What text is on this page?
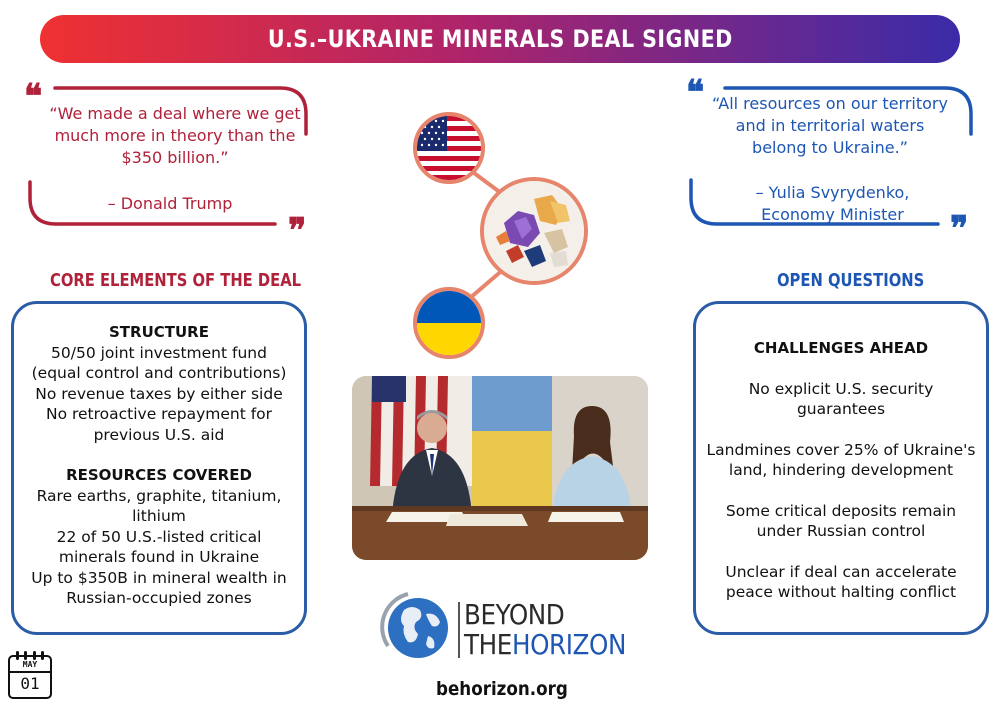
U.S.–UKRAINE MINERALS DEAL SIGNED
❝
❞
“We made a deal where we get
much more in theory than the
$350 billion.”
– Donald Trump
❝
❞
“All resources on our territory
and in territorial waters
belong to Ukraine.”
– Yulia Svyrydenko,
Economy Minister
CORE ELEMENTS OF THE DEAL
STRUCTURE
50/50 joint investment fund
(equal control and contributions)
No revenue taxes by either side
No retroactive repayment for
previous U.S. aid
RESOURCES COVERED
Rare earths, graphite, titanium,
lithium
22 of 50 U.S.-listed critical
minerals found in Ukraine
Up to $350B in mineral wealth in
Russian-occupied zones
OPEN QUESTIONS
CHALLENGES AHEAD
No explicit U.S. security
guarantees
Landmines cover 25% of Ukraine's
land, hindering development
Some critical deposits remain
under Russian control
Unclear if deal can accelerate
peace without halting conflict
BEYOND
THEHORIZON
behorizon.org
MAY
01
